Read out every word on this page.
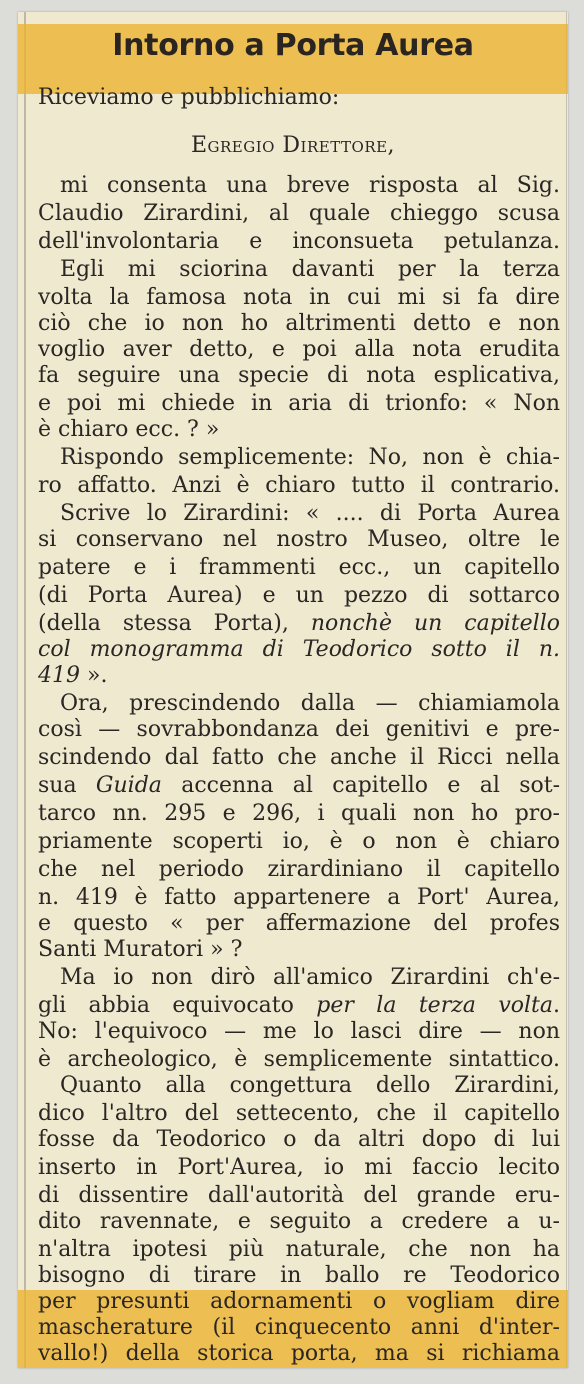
Intorno a Porta Aurea
Riceviamo e pubblichiamo:
Egregio Direttore,
mi consenta una breve risposta al Sig.
Claudio Zirardini, al quale chieggo scusa
dell'involontaria e inconsueta petulanza.
Egli mi sciorina davanti per la terza
volta la famosa nota in cui mi si fa dire
ciò che io non ho altrimenti detto e non
voglio aver detto, e poi alla nota erudita
fa seguire una specie di nota esplicativa,
e poi mi chiede in aria di trionfo: « Non
è chiaro ecc. ? »
Rispondo semplicemente: No, non è chia-
ro affatto. Anzi è chiaro tutto il contrario.
Scrive lo Zirardini: « .... di Porta Aurea
si conservano nel nostro Museo, oltre le
patere e i frammenti ecc., un capitello
(di Porta Aurea) e un pezzo di sottarco
(della stessa Porta), nonchè un capitello
col monogramma di Teodorico sotto il n.
419 ».
Ora, prescindendo dalla — chiamiamola
così — sovrabbondanza dei genitivi e pre-
scindendo dal fatto che anche il Ricci nella
sua Guida accenna al capitello e al sot-
tarco nn. 295 e 296, i quali non ho pro-
priamente scoperti io, è o non è chiaro
che nel periodo zirardiniano il capitello
n. 419 è fatto appartenere a Port' Aurea,
e questo « per affermazione del profes
Santi Muratori » ?
Ma io non dirò all'amico Zirardini ch'e-
gli abbia equivocato per la terza volta.
No: l'equivoco — me lo lasci dire — non
è archeologico, è semplicemente sintattico.
Quanto alla congettura dello Zirardini,
dico l'altro del settecento, che il capitello
fosse da Teodorico o da altri dopo di lui
inserto in Port'Aurea, io mi faccio lecito
di dissentire dall'autorità del grande eru-
dito ravennate, e seguito a credere a u-
n'altra ipotesi più naturale, che non ha
bisogno di tirare in ballo re Teodorico
per presunti adornamenti o vogliam dire
mascherature (il cinquecento anni d'inter-
vallo!) della storica porta, ma si richiama
